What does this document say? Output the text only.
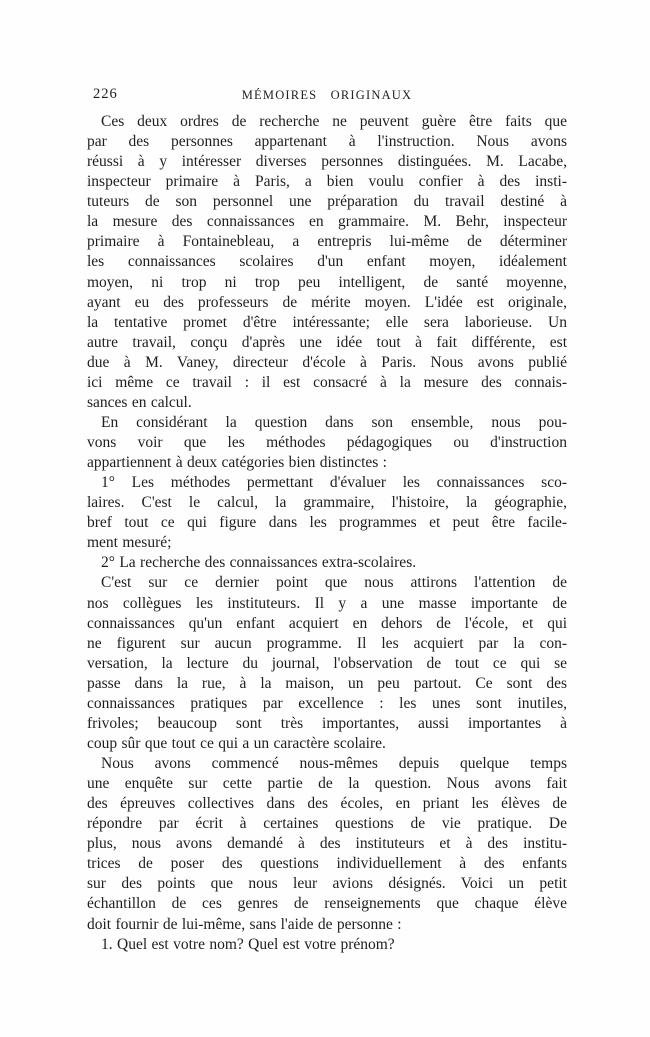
226	MÉMOIRES ORIGINAUX
Ces deux ordres de recherche ne peuvent guère être faits que
par des personnes appartenant à l'instruction. Nous avons
réussi à y intéresser diverses personnes distinguées. M. Lacabe,
inspecteur primaire à Paris, a bien voulu confier à des insti-
tuteurs de son personnel une préparation du travail destiné à
la mesure des connaissances en grammaire. M. Behr, inspecteur
primaire à Fontainebleau, a entrepris lui-même de déterminer
les connaissances scolaires d'un enfant moyen, idéalement
moyen, ni trop ni trop peu intelligent, de santé moyenne,
ayant eu des professeurs de mérite moyen. L'idée est originale,
la tentative promet d'être intéressante; elle sera laborieuse. Un
autre travail, conçu d'après une idée tout à fait différente, est
due à M. Vaney, directeur d'école à Paris. Nous avons publié
ici même ce travail : il est consacré à la mesure des connais-
sances en calcul.
En considérant la question dans son ensemble, nous pou-
vons voir que les méthodes pédagogiques ou d'instruction
appartiennent à deux catégories bien distinctes :
1° Les méthodes permettant d'évaluer les connaissances sco-
laires. C'est le calcul, la grammaire, l'histoire, la géographie,
bref tout ce qui figure dans les programmes et peut être facile-
ment mesuré;
2° La recherche des connaissances extra-scolaires.
C'est sur ce dernier point que nous attirons l'attention de
nos collègues les instituteurs. Il y a une masse importante de
connaissances qu'un enfant acquiert en dehors de l'école, et qui
ne figurent sur aucun programme. Il les acquiert par la con-
versation, la lecture du journal, l'observation de tout ce qui se
passe dans la rue, à la maison, un peu partout. Ce sont des
connaissances pratiques par excellence : les unes sont inutiles,
frivoles; beaucoup sont très importantes, aussi importantes à
coup sûr que tout ce qui a un caractère scolaire.
Nous avons commencé nous-mêmes depuis quelque temps
une enquête sur cette partie de la question. Nous avons fait
des épreuves collectives dans des écoles, en priant les élèves de
répondre par écrit à certaines questions de vie pratique. De
plus, nous avons demandé à des instituteurs et à des institu-
trices de poser des questions individuellement à des enfants
sur des points que nous leur avions désignés. Voici un petit
échantillon de ces genres de renseignements que chaque élève
doit fournir de lui-même, sans l'aide de personne :
1. Quel est votre nom? Quel est votre prénom?
